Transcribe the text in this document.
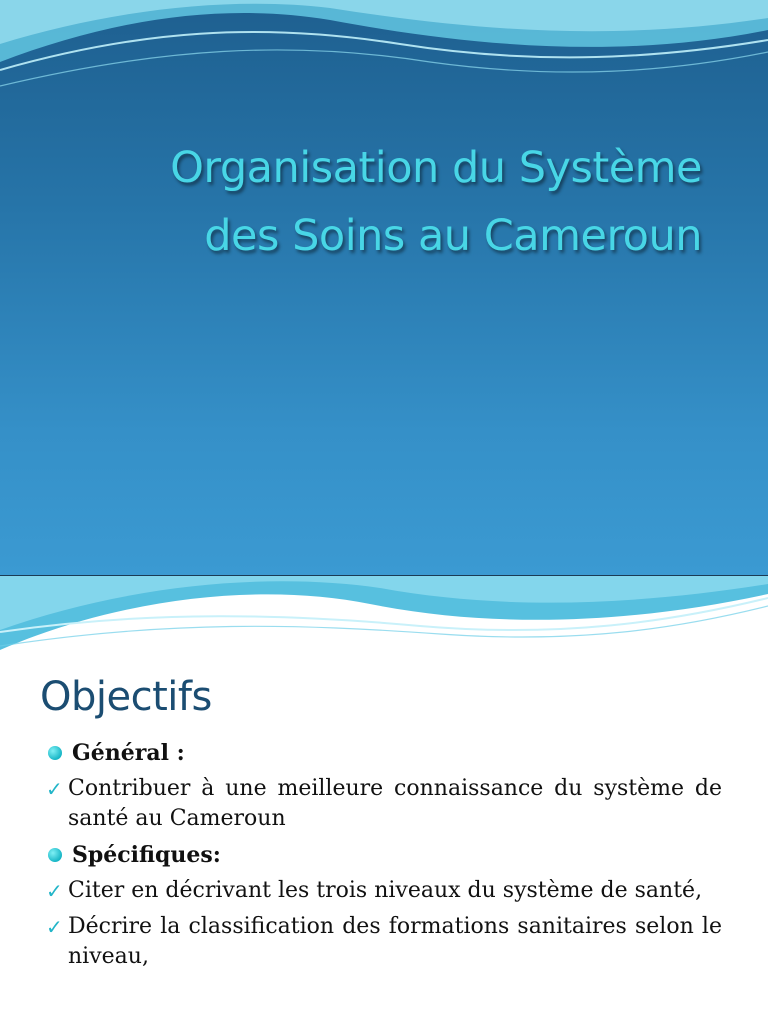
Organisation du Système
des Soins au Cameroun
Objectifs
Général :
✓ Contribuer à une meilleure connaissance du système de santé au Cameroun
Spécifiques:
✓ Citer en décrivant les trois niveaux du système de santé,
✓ Décrire la classification des formations sanitaires selon le niveau,
